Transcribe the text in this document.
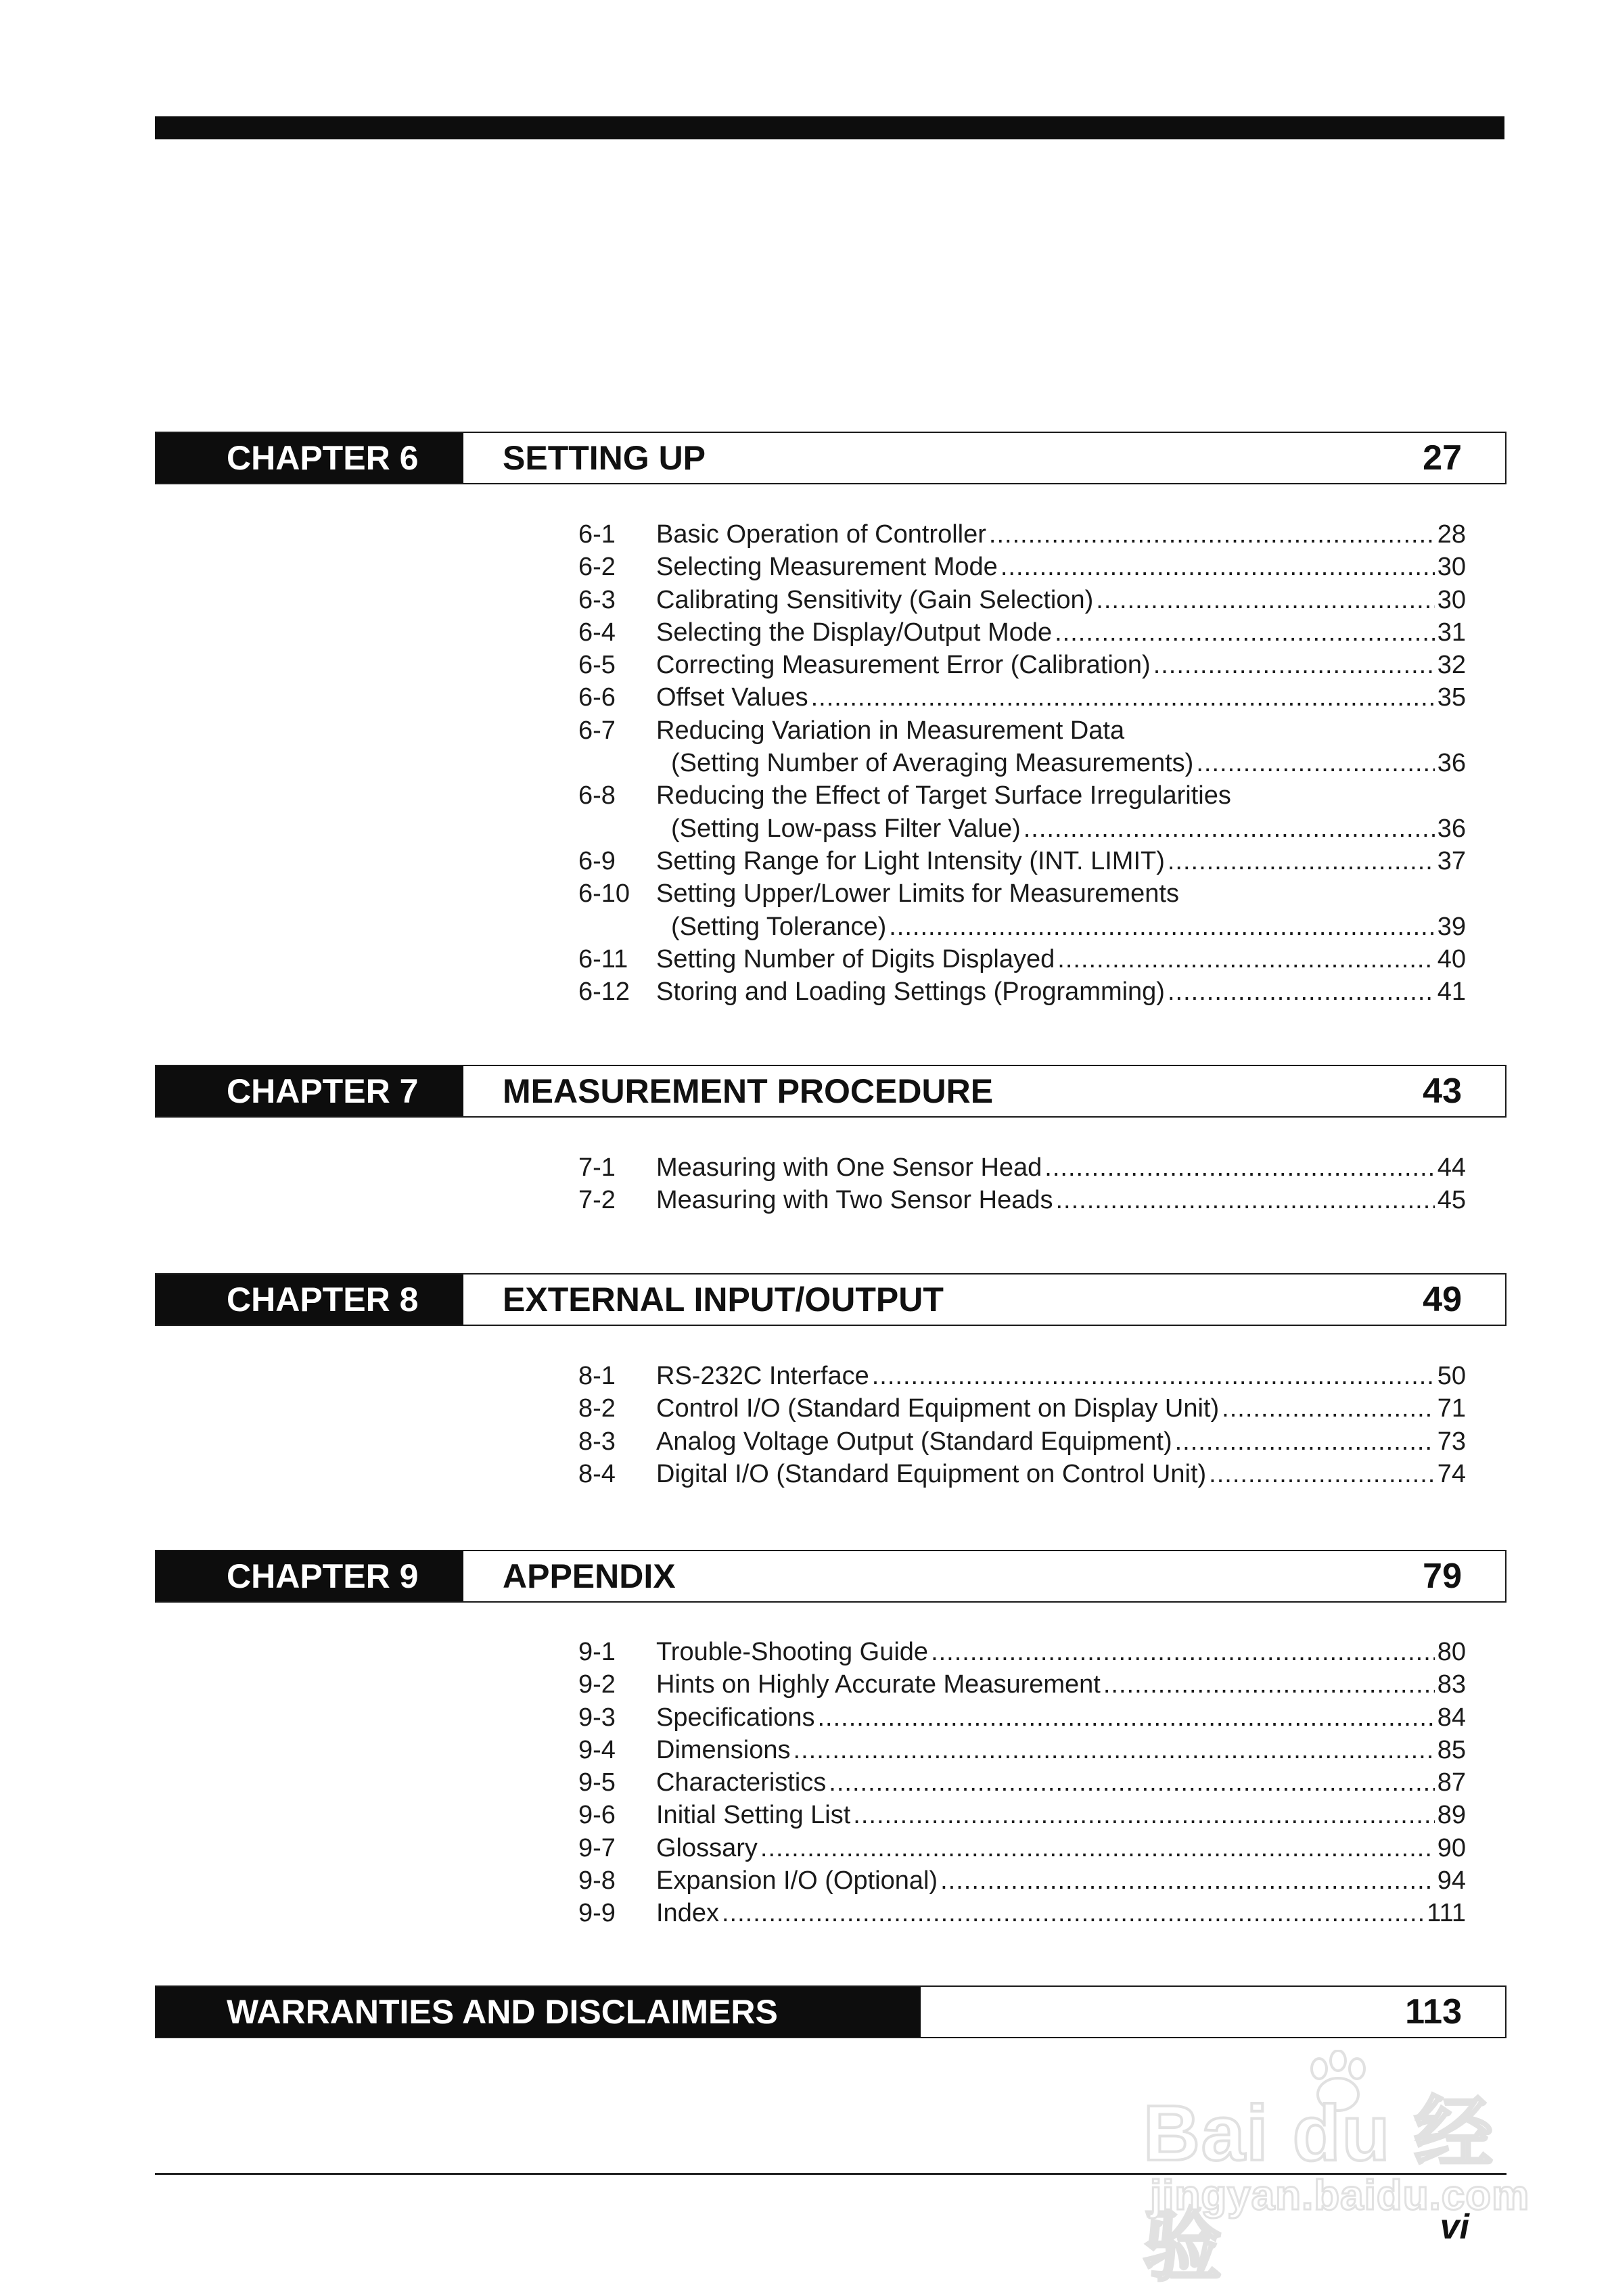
CHAPTER 6	SETTING UP	27
6-1	Basic Operation of Controller .....	28
6-2	Selecting Measurement Mode .....	30
6-3	Calibrating Sensitivity (Gain Selection) .....	30
6-4	Selecting the Display/Output Mode .....	31
6-5	Correcting Measurement Error (Calibration) .....	32
6-6	Offset Values .....	35
6-7	Reducing Variation in Measurement Data
(Setting Number of Averaging Measurements) .....	36
6-8	Reducing the Effect of Target Surface Irregularities
(Setting Low-pass Filter Value) .....	36
6-9	Setting Range for Light Intensity (INT. LIMIT) .....	37
6-10	Setting Upper/Lower Limits for Measurements
(Setting Tolerance) .....	39
6-11	Setting Number of Digits Displayed .....	40
6-12	Storing and Loading Settings (Programming) .....	41
CHAPTER 7	MEASUREMENT PROCEDURE	43
7-1	Measuring with One Sensor Head .....	44
7-2	Measuring with Two Sensor Heads .....	45
CHAPTER 8	EXTERNAL INPUT/OUTPUT	49
8-1	RS-232C Interface .....	50
8-2	Control I/O (Standard Equipment on Display Unit) .....	71
8-3	Analog Voltage Output (Standard Equipment) .....	73
8-4	Digital I/O (Standard Equipment on Control Unit) .....	74
CHAPTER 9	APPENDIX	79
9-1	Trouble-Shooting Guide .....	80
9-2	Hints on Highly Accurate Measurement .....	83
9-3	Specifications .....	84
9-4	Dimensions .....	85
9-5	Characteristics .....	87
9-6	Initial Setting List .....	89
9-7	Glossary .....	90
9-8	Expansion I/O (Optional) .....	94
9-9	Index .....	111
WARRANTIES AND DISCLAIMERS	113
Bai du 经验
jingyan.baidu.com
vi
